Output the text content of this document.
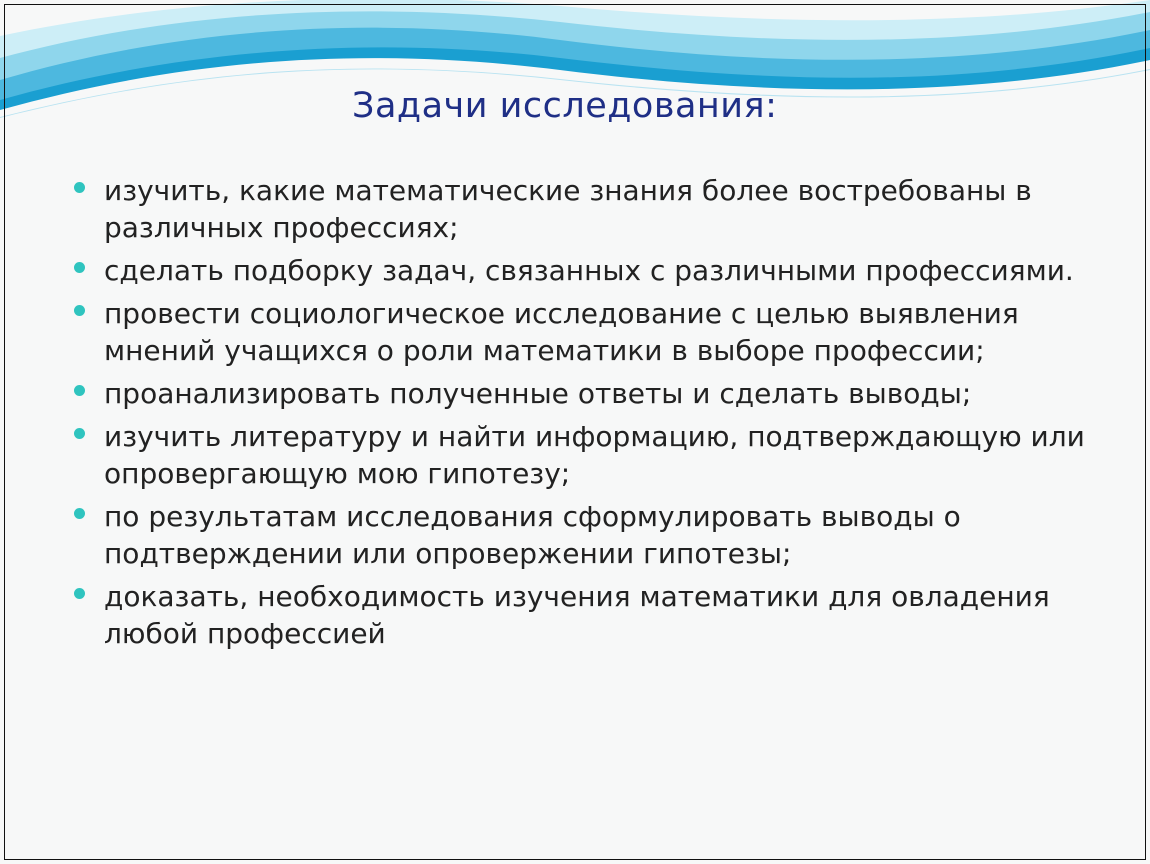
Задачи исследования:
изучить, какие математические знания более востребованы в различных профессиях;
сделать подборку задач, связанных с различными профессиями.
провести социологическое исследование с целью выявления мнений учащихся о роли математики в выборе профессии;
проанализировать полученные ответы и сделать выводы;
изучить литературу и найти информацию, подтверждающую или опровергающую мою гипотезу;
по результатам исследования сформулировать выводы о подтверждении или опровержении гипотезы;
доказать, необходимость изучения математики для овладения любой профессией
